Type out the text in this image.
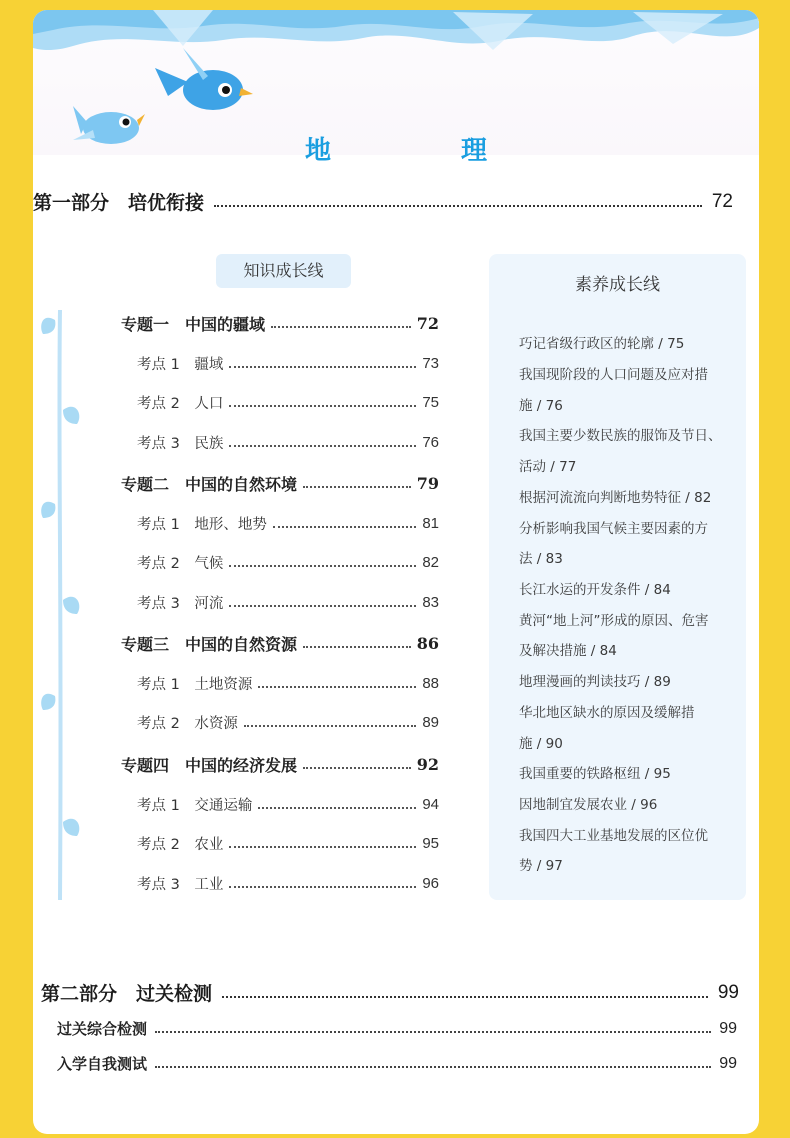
地　理
第一部分　培优衔接	72
知识成长线
专题一　中国的疆域	72
考点 1　疆域	73
考点 2　人口	75
考点 3　民族	76
专题二　中国的自然环境	79
考点 1　地形、地势	81
考点 2　气候	82
考点 3　河流	83
专题三　中国的自然资源	86
考点 1　土地资源	88
考点 2　水资源	89
专题四　中国的经济发展	92
考点 1　交通运输	94
考点 2　农业	95
考点 3　工业	96
素养成长线
巧记省级行政区的轮廓 / 75
我国现阶段的人口问题及应对措
施 / 76
我国主要少数民族的服饰及节日、
活动 / 77
根据河流流向判断地势特征 / 82
分析影响我国气候主要因素的方
法 / 83
长江水运的开发条件 / 84
黄河“地上河”形成的原因、危害
及解决措施 / 84
地理漫画的判读技巧 / 89
华北地区缺水的原因及缓解措
施 / 90
我国重要的铁路枢纽 / 95
因地制宜发展农业 / 96
我国四大工业基地发展的区位优
势 / 97
第二部分　过关检测	99
过关综合检测	99
入学自我测试	99
